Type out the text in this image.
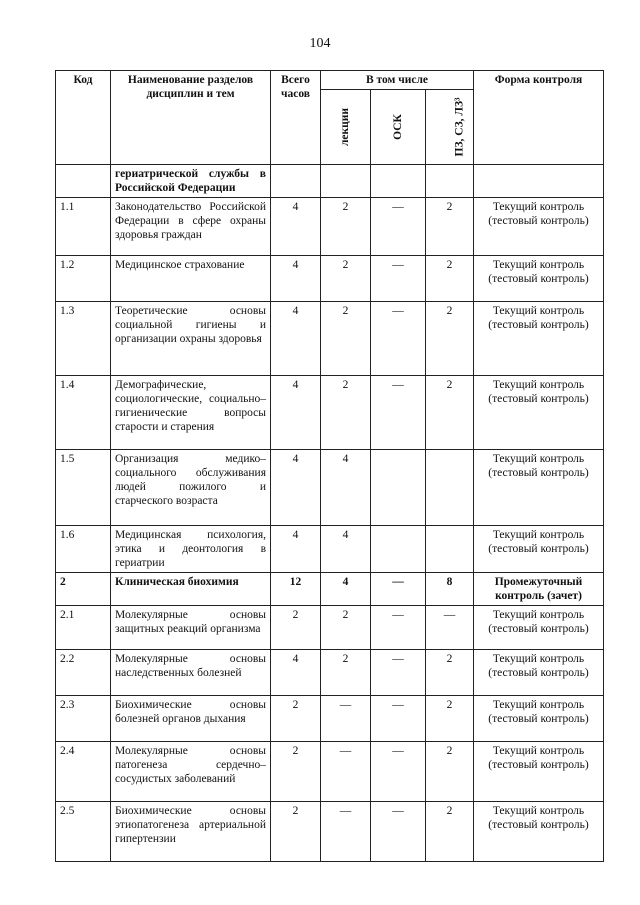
104
Код	Наименование разделов дисциплин и тем	Всего часов	В том числе			Форма контроля
			лекции	ОСК	ПЗ, СЗ, ЛЗ³	
	гериатрической службы в Российской Федерации					
1.1	Законодательство Российской Федерации в сфере охраны здоровья граждан	4	2	—	2	Текущий контроль (тестовый контроль)
1.2	Медицинское страхование	4	2	—	2	Текущий контроль (тестовый контроль)
1.3	Теоретические основы социальной гигиены и организации охраны здоровья	4	2	—	2	Текущий контроль (тестовый контроль)
1.4	Демографические, социологические, социально–гигиенические вопросы старости и старения	4	2	—	2	Текущий контроль (тестовый контроль)
1.5	Организация медико–социального обслуживания людей пожилого и старческого возраста	4	4			Текущий контроль (тестовый контроль)
1.6	Медицинская психология, этика и деонтология в гериатрии	4	4			Текущий контроль (тестовый контроль)
2	Клиническая биохимия	12	4	—	8	Промежуточный контроль (зачет)
2.1	Молекулярные основы защитных реакций организма	2	2	—	—	Текущий контроль (тестовый контроль)
2.2	Молекулярные основы наследственных болезней	4	2	—	2	Текущий контроль (тестовый контроль)
2.3	Биохимические основы болезней органов дыхания	2	—	—	2	Текущий контроль (тестовый контроль)
2.4	Молекулярные основы патогенеза сердечно–сосудистых заболеваний	2	—	—	2	Текущий контроль (тестовый контроль)
2.5	Биохимические основы этиопатогенеза артериальной гипертензии	2	—	—	2	Текущий контроль (тестовый контроль)
